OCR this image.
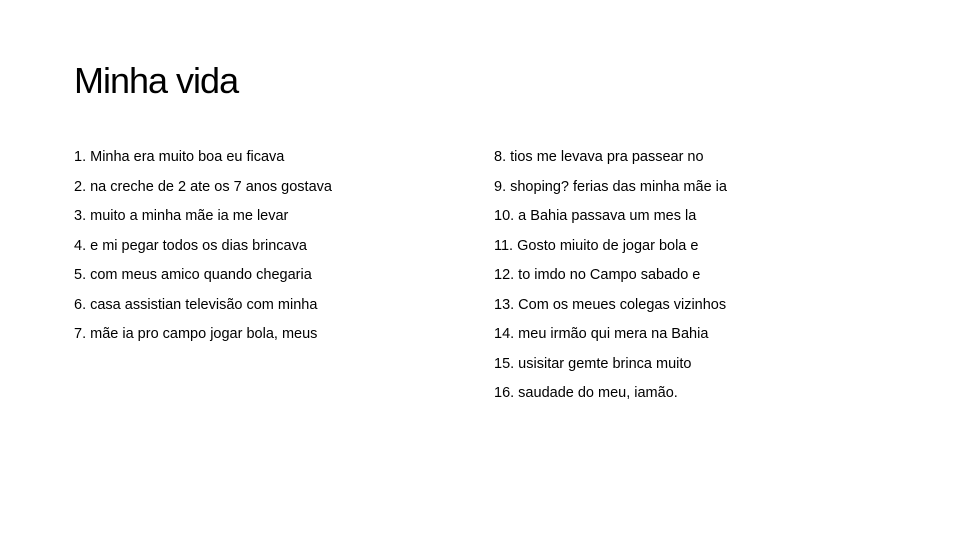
Minha vida
1. Minha era muito boa eu ficava
2. na creche de 2 ate os 7 anos gostava
3. muito a minha mãe ia me levar
4. e mi pegar todos os dias brincava
5. com meus amico quando chegaria
6. casa assistian televisão com minha
7. mãe ia pro campo jogar bola, meus
8. tios me levava pra passear no
9. shoping? ferias das minha mãe ia
10. a Bahia passava um mes la
11. Gosto miuito de jogar bola e
12. to imdo no Campo sabado e
13. Com os meues colegas vizinhos
14. meu irmão qui mera na Bahia
15. usisitar gemte brinca muito
16. saudade do meu, iamão.
